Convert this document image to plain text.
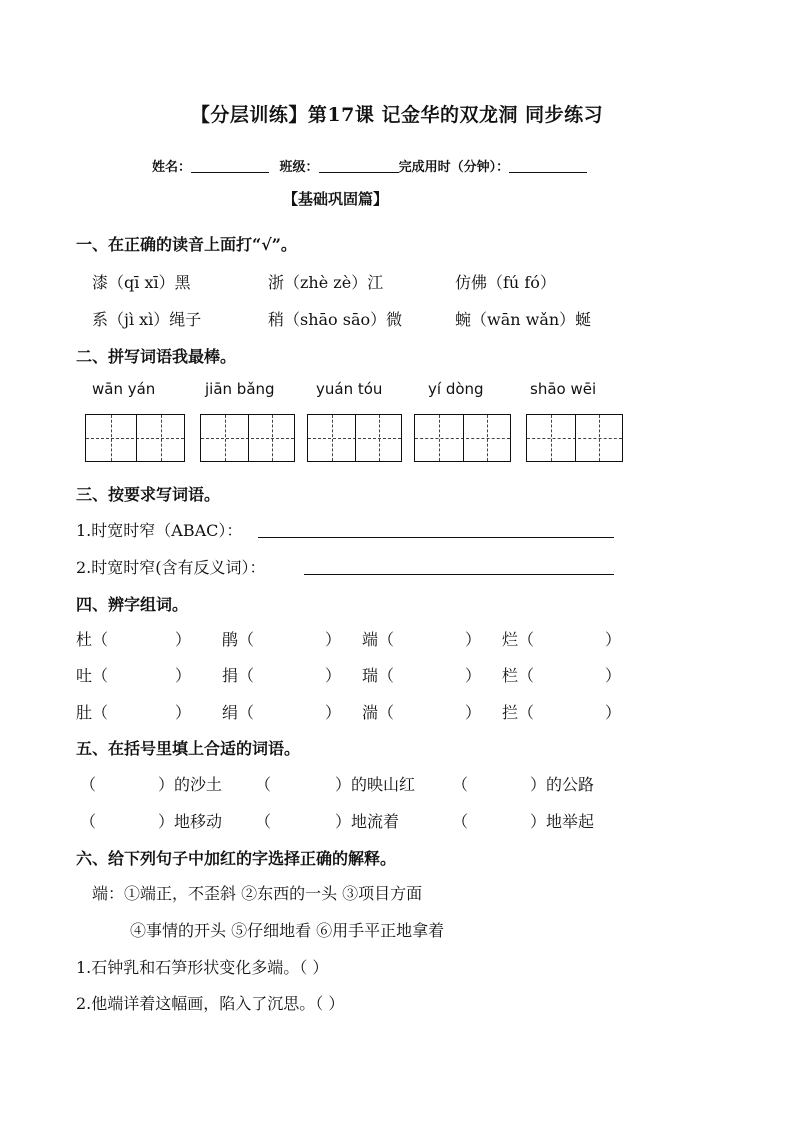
【分层训练】第17课 记金华的双龙洞 同步练习
姓名：	班级：	完成用时（分钟）：
【基础巩固篇】
一、在正确的读音上面打“√”。
漆（qī xī）黑	浙（zhè zè）江	仿佛（fú fó）
系（jì xì）绳子	稍（shāo sāo）微	蜿（wān wǎn）蜒
二、拼写词语我最棒。
wān yán	jiān bǎng	yuán tóu	yí dòng	shāo wēi
三、按要求写词语。
1.时宽时窄（ABAC）：
2.时宽时窄(含有反义词）：
四、辨字组词。
杜（	） 鹃（	） 端（	） 烂（	）
吐（	） 捐（	） 瑞（	） 栏（	）
肚（	） 绢（	） 湍（	） 拦（	）
五、在括号里填上合适的词语。
（	）的沙土 （	）的映山红 （	）的公路
（	）地移动 （	）地流着	（	）地举起
六、给下列句子中加红的字选择正确的解释。
端：①端正，不歪斜 ②东西的一头 ③项目方面
④事情的开头 ⑤仔细地看 ⑥用手平正地拿着
1.石钟乳和石笋形状变化多端。（ ）
2.他端详着这幅画，陷入了沉思。（ ）
